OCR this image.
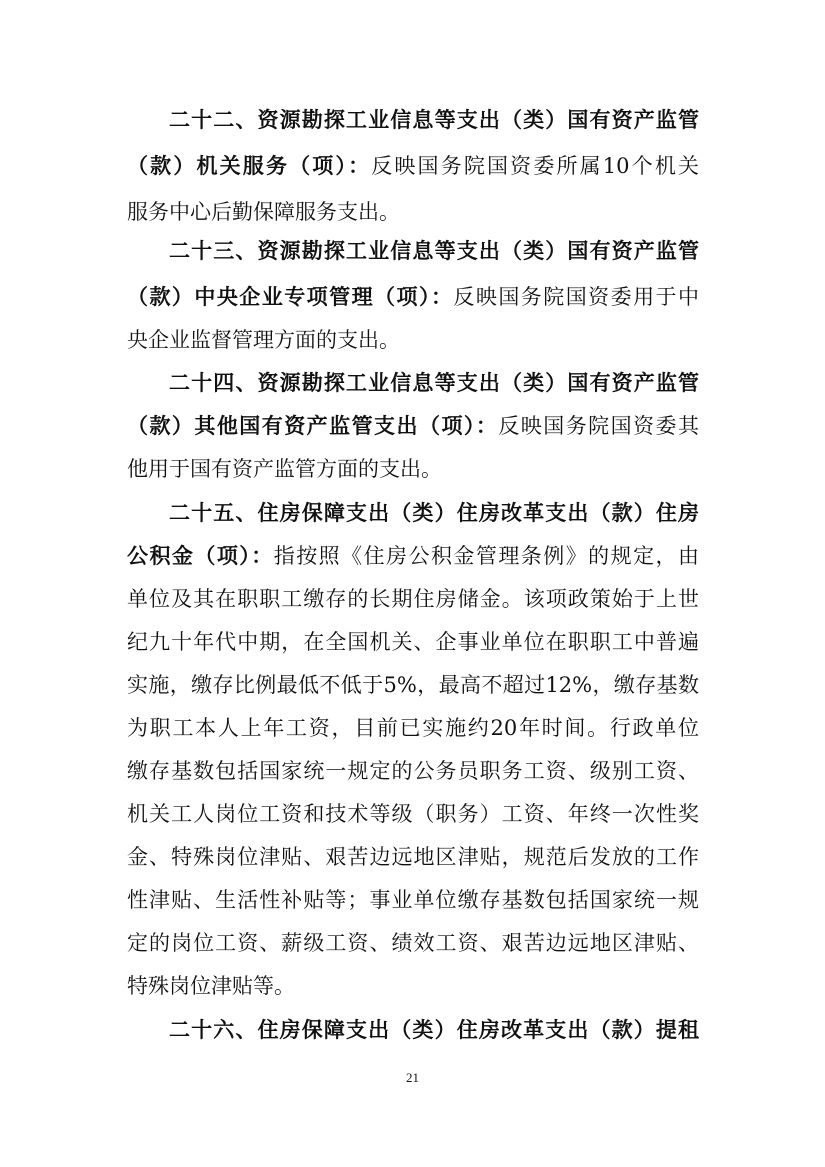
二十二、资源勘探工业信息等支出（类）国有资产监管
（款）机关服务（项）：反映国务院国资委所属10个机关
服务中心后勤保障服务支出。
二十三、资源勘探工业信息等支出（类）国有资产监管
（款）中央企业专项管理（项）：反映国务院国资委用于中
央企业监督管理方面的支出。
二十四、资源勘探工业信息等支出（类）国有资产监管
（款）其他国有资产监管支出（项）：反映国务院国资委其
他用于国有资产监管方面的支出。
二十五、住房保障支出（类）住房改革支出（款）住房
公积金（项）：指按照《住房公积金管理条例》的规定，由
单位及其在职职工缴存的长期住房储金。该项政策始于上世
纪九十年代中期，在全国机关、企事业单位在职职工中普遍
实施，缴存比例最低不低于5%，最高不超过12%，缴存基数
为职工本人上年工资，目前已实施约20年时间。行政单位
缴存基数包括国家统一规定的公务员职务工资、级别工资、
机关工人岗位工资和技术等级（职务）工资、年终一次性奖
金、特殊岗位津贴、艰苦边远地区津贴，规范后发放的工作
性津贴、生活性补贴等；事业单位缴存基数包括国家统一规
定的岗位工资、薪级工资、绩效工资、艰苦边远地区津贴、
特殊岗位津贴等。
二十六、住房保障支出（类）住房改革支出（款）提租
21
